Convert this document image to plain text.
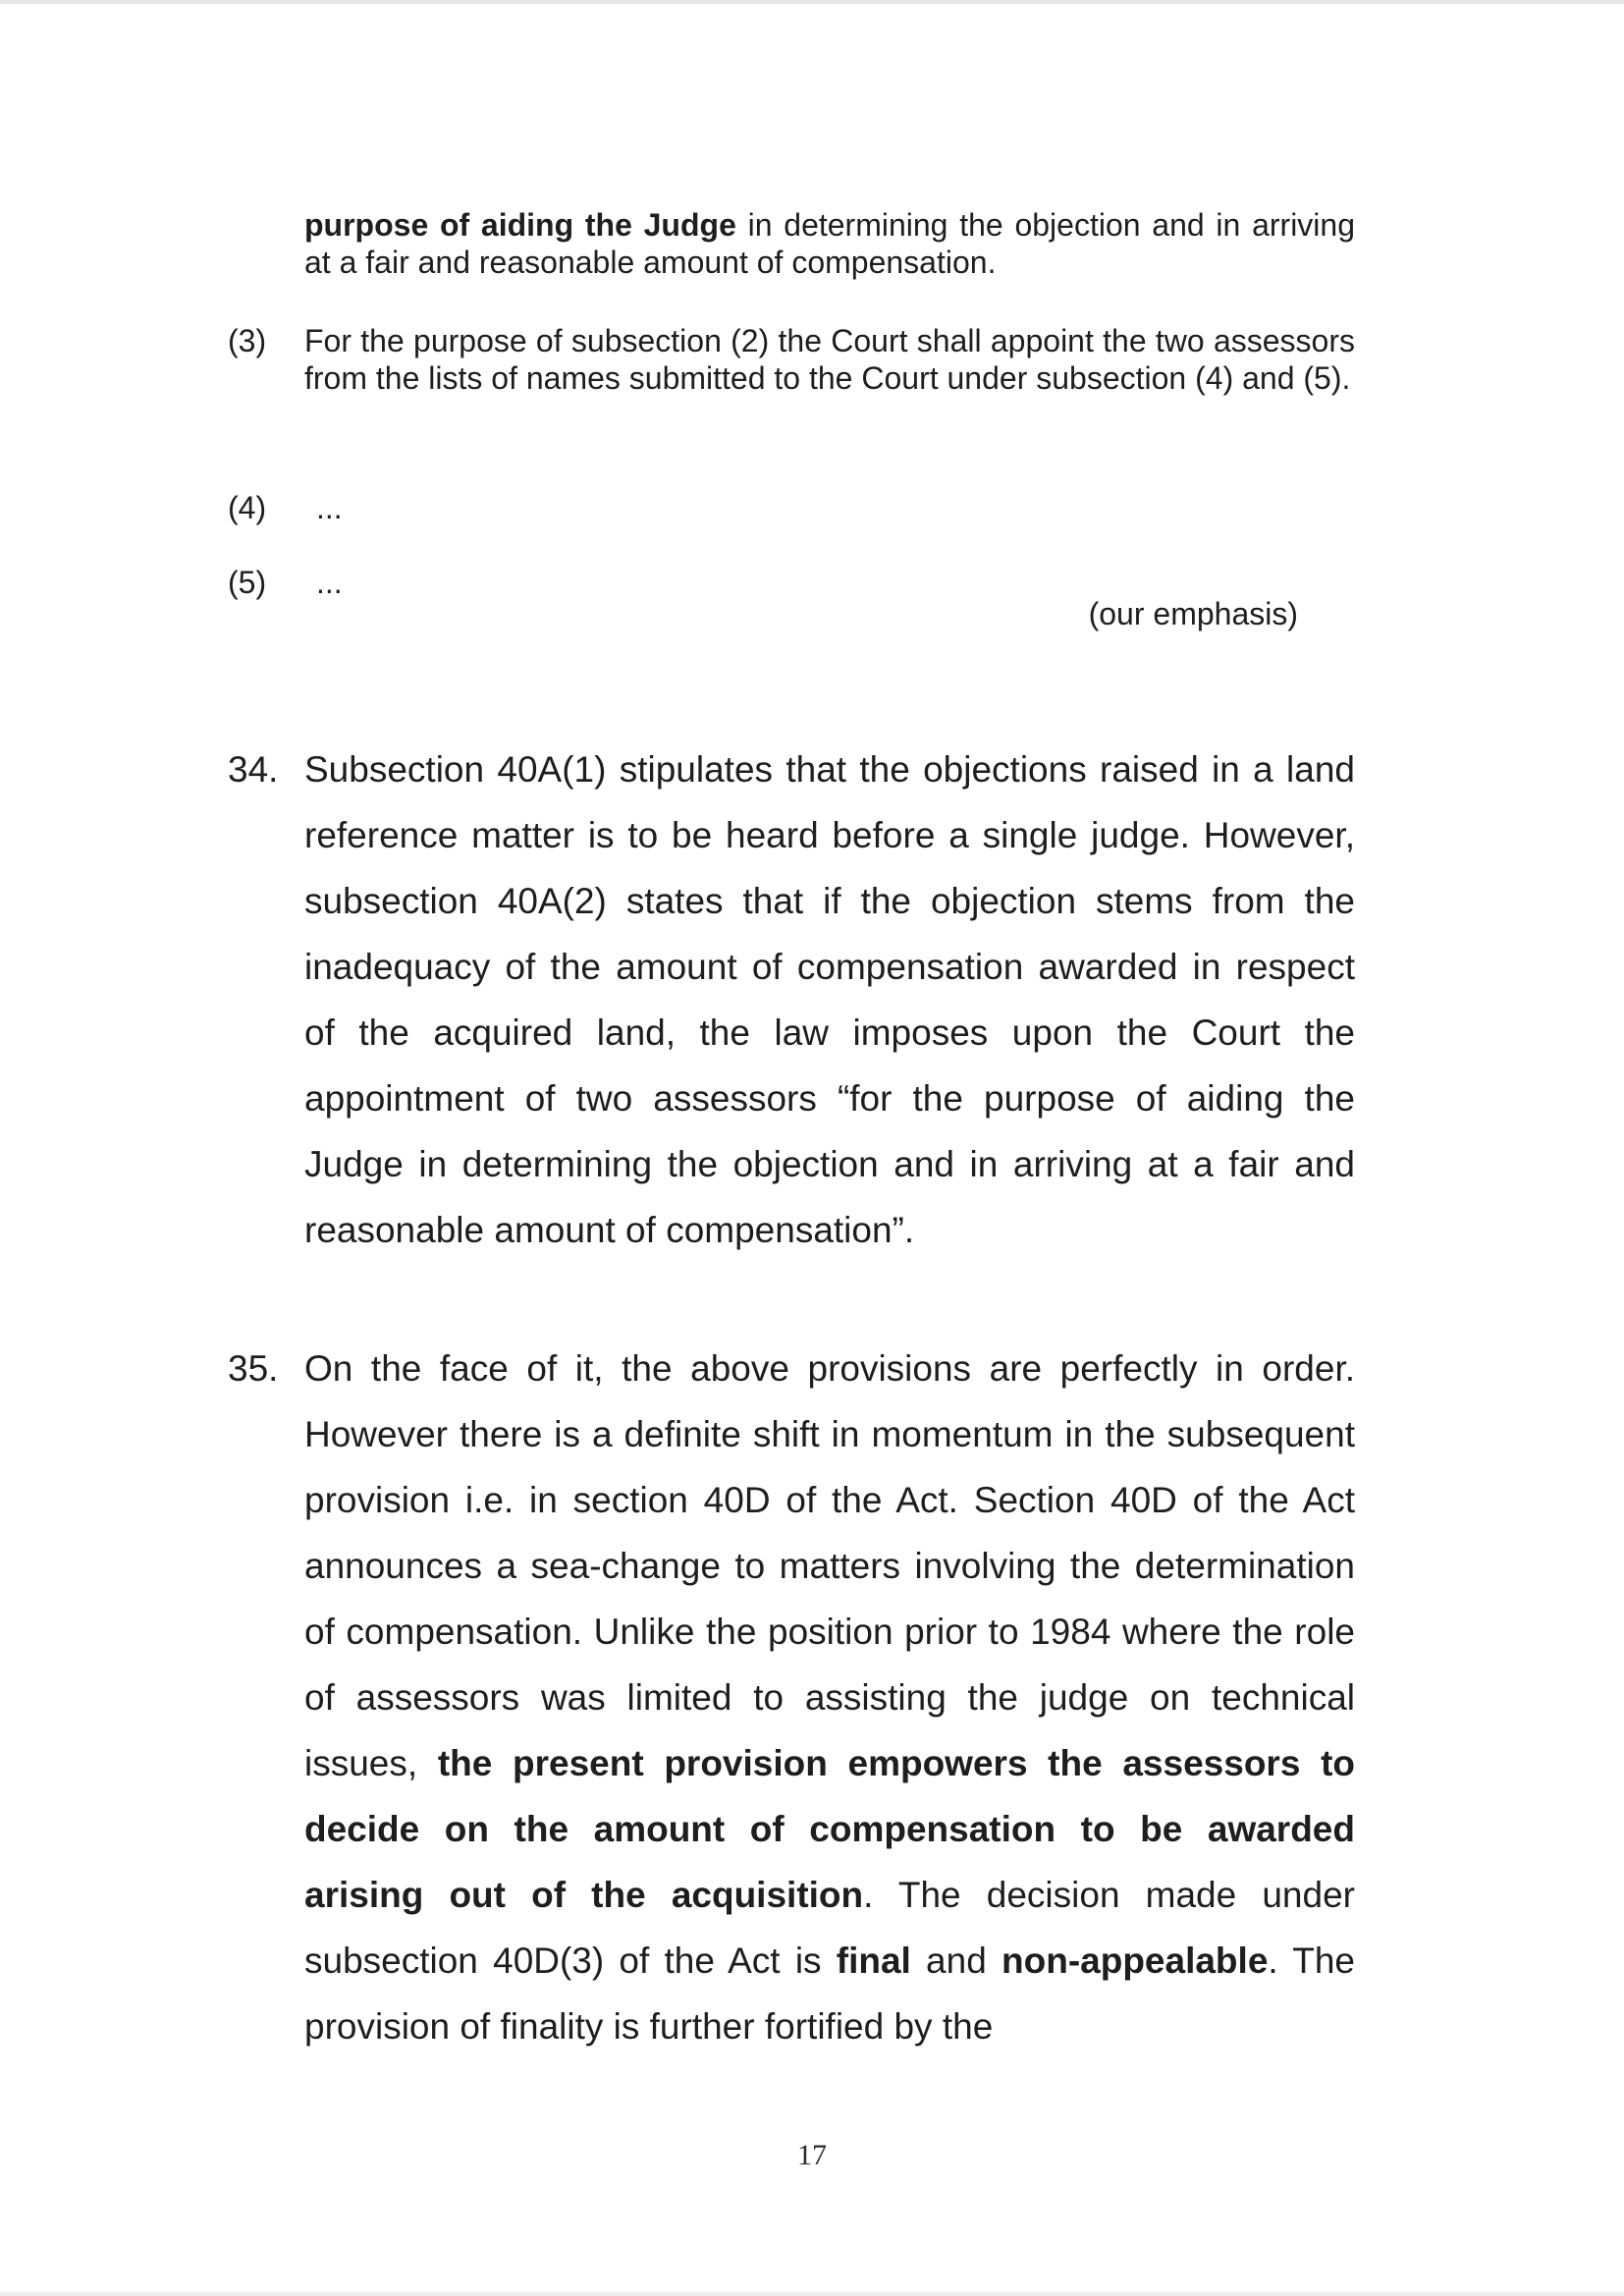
purpose of aiding the Judge in determining the objection and in arriving at a fair and reasonable amount of compensation.

(3) For the purpose of subsection (2) the Court shall appoint the two assessors from the lists of names submitted to the Court under subsection (4) and (5).

(4) ...
(5) ...
(our emphasis)
34. Subsection 40A(1) stipulates that the objections raised in a land reference matter is to be heard before a single judge. However, subsection 40A(2) states that if the objection stems from the inadequacy of the amount of compensation awarded in respect of the acquired land, the law imposes upon the Court the appointment of two assessors “for the purpose of aiding the Judge in determining the objection and in arriving at a fair and reasonable amount of compensation”.

35. On the face of it, the above provisions are perfectly in order. However there is a definite shift in momentum in the subsequent provision i.e. in section 40D of the Act. Section 40D of the Act announces a sea-change to matters involving the determination of compensation. Unlike the position prior to 1984 where the role of assessors was limited to assisting the judge on technical issues, the present provision empowers the assessors to decide on the amount of compensation to be awarded arising out of the acquisition. The decision made under subsection 40D(3) of the Act is final and non-appealable. The provision of finality is further fortified by the

17
